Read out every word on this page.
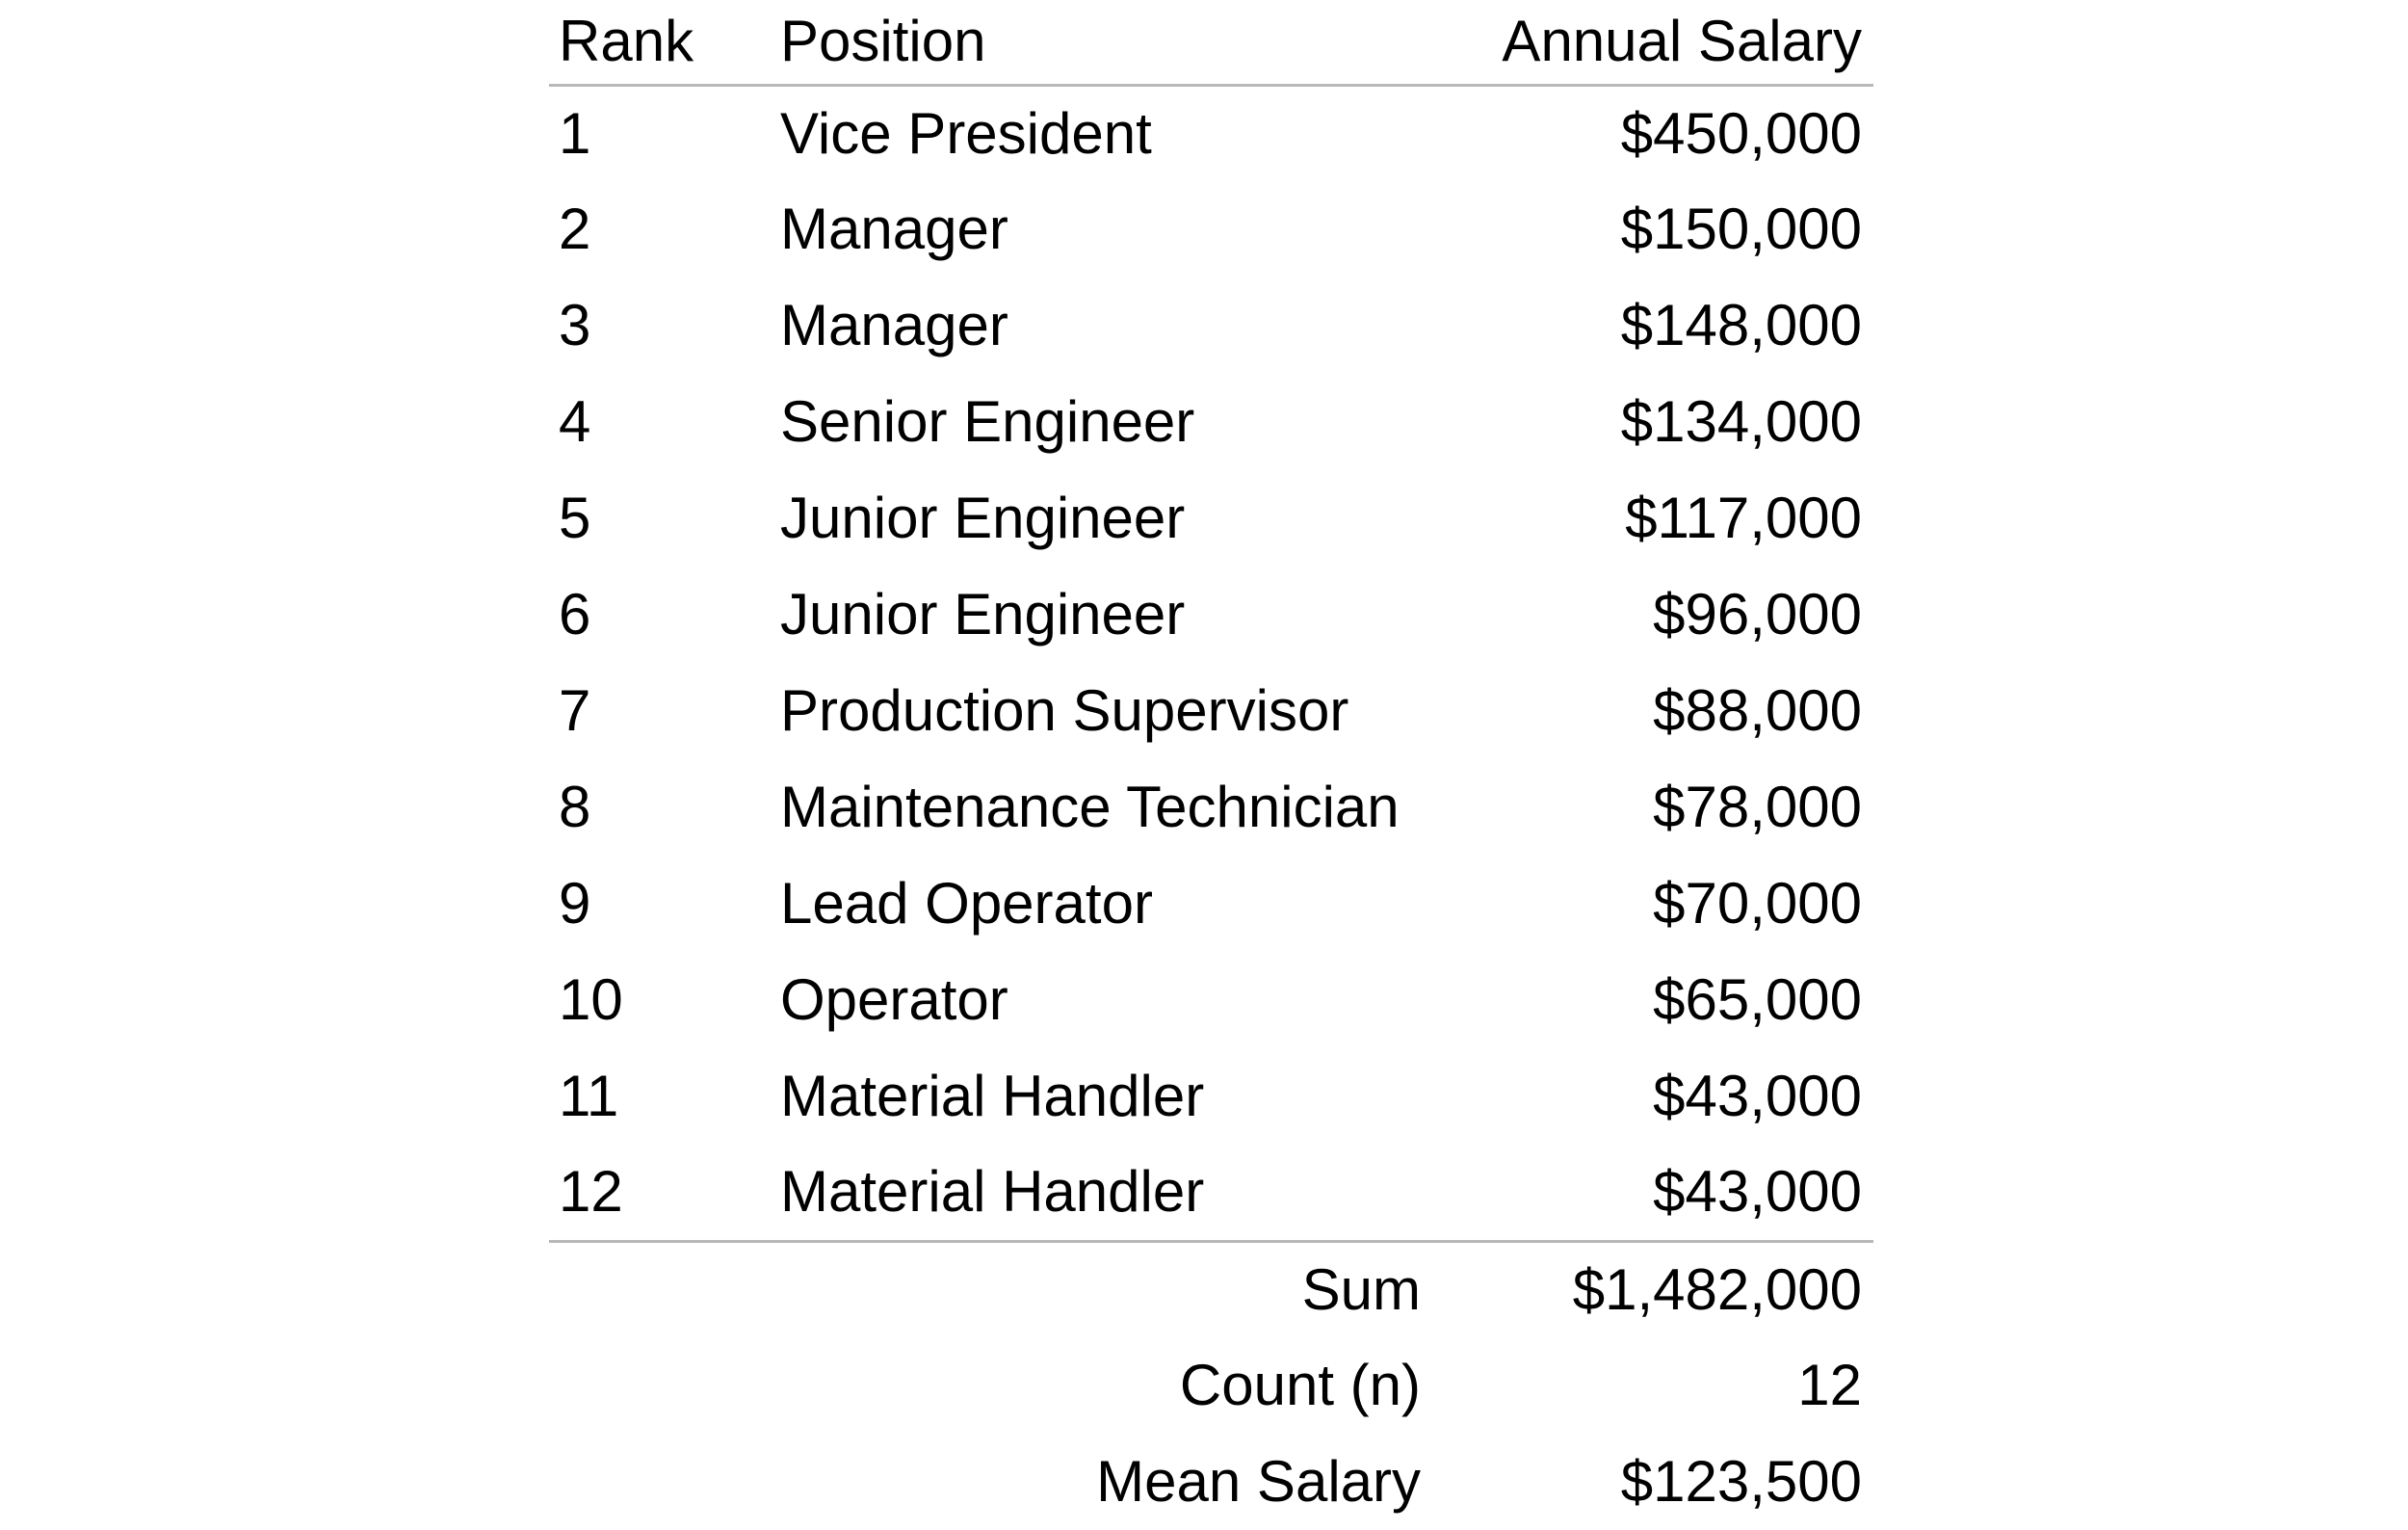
Rank	Position	Annual Salary
1	Vice President	$450,000
2	Manager	$150,000
3	Manager	$148,000
4	Senior Engineer	$134,000
5	Junior Engineer	$117,000
6	Junior Engineer	$96,000
7	Production Supervisor	$88,000
8	Maintenance Technician	$78,000
9	Lead Operator	$70,000
10	Operator	$65,000
11	Material Handler	$43,000
12	Material Handler	$43,000
Sum		$1,482,000
Count (n)		12
Mean Salary		$123,500
